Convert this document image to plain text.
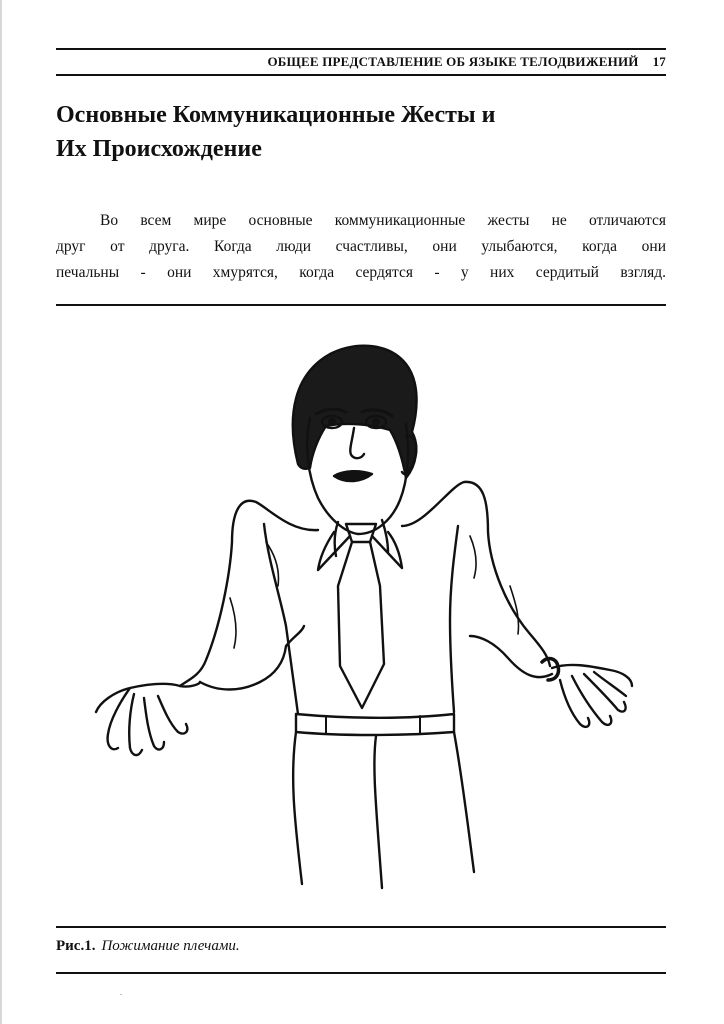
ОБЩЕЕ ПРЕДСТАВЛЕНИЕ ОБ ЯЗЫКЕ ТЕЛОДВИЖЕНИЙ 17
Основные Коммуникационные Жесты и
Их Происхождение

Во всем мире основные коммуникационные жесты не отличаются
друг от друга. Когда люди счастливы, они улыбаются, когда они
печальны - они хмурятся, когда сердятся - у них сердитый взгляд.

Рис.1. Пожимание плечами.
